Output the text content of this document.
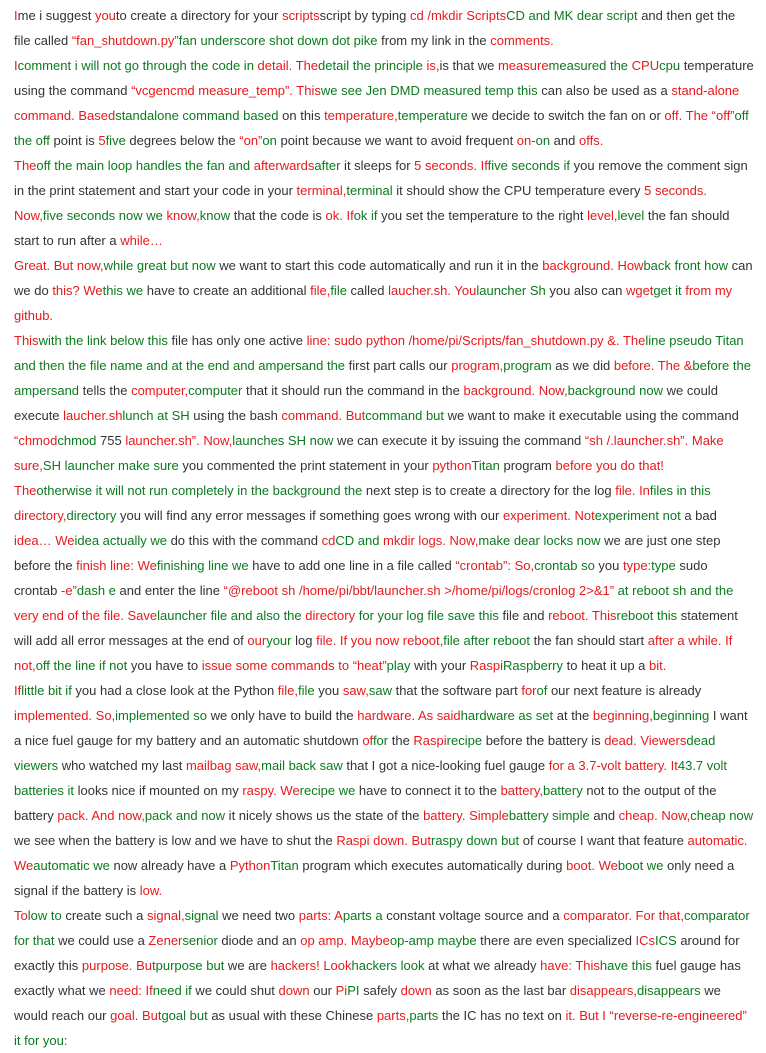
Ime i suggest youto create a directory for your scriptsscript by typing cd /mkdir ScriptsCD and MK dear script and then get the file called “fan_shutdown.py”fan underscore shot down dot pike from my link in the comments.

Icomment i will not go through the code in detail. Thedetail the principle is,is that we measuremeasured the CPUcpu temperature using the command “vcgencmd measure_temp”. Thiswe see Jen DMD measured temp this can also be used as a stand-alone command. Basedstandalone command based on this temperature,temperature we decide to switch the fan on or off. The “off”off the off point is 5five degrees below the “on”on point because we want to avoid frequent on-on and offs.

Theoff the main loop handles the fan and afterwardsafter it sleeps for 5 seconds. Iffive seconds if you remove the comment sign in the print statement and start your code in your terminal,terminal it should show the CPU temperature every 5 seconds.

Now,five seconds now we know,know that the code is ok. Ifok if you set the temperature to the right level,level the fan should start to run after a while…

Great. But now,while great but now we want to start this code automatically and run it in the background. Howback front how can we do this? Wethis we have to create an additional file,file called laucher.sh. Youlauncher Sh you also can wgetget it from my github.

Thiswith the link below this file has only one active line: sudo python /home/pi/Scripts/fan_shutdown.py &. Theline pseudo Titan and then the file name and at the end and ampersand the first part calls our program,program as we did before. The &before the ampersand tells the computer,computer that it should run the command in the background. Now,background now we could execute laucher.shlunch at SH using the bash command. Butcommand but we want to make it executable using the command “chmodchmod 755 launcher.sh”. Now,launches SH now we can execute it by issuing the command “sh /.launcher.sh”. Make sure,SH launcher make sure you commented the print statement in your pythonTitan program before you do that!

Theotherwise it will not run completely in the background the next step is to create a directory for the log file. Infiles in this directory,directory you will find any error messages if something goes wrong with our experiment. Notexperiment not a bad idea… Weidea actually we do this with the command cdCD and mkdir logs. Now,make dear locks now we are just one step before the finish line: Wefinishing line we have to add one line in a file called “crontab”: So,crontab so you type:type sudo crontab -e”dash e and enter the line “@reboot sh /home/pi/bbt/launcher.sh >/home/pi/logs/cronlog 2>&1” at reboot sh and the very end of the file. Savelauncher file and also the directory for your log file save this file and reboot. Thisreboot this statement will add all error messages at the end of ouryour log file. If you now reboot,file after reboot the fan should start after a while. If not,off the line if not you have to issue some commands to “heat”play with your RaspiRaspberry to heat it up a bit.

Iflittle bit if you had a close look at the Python file,file you saw,saw that the software part forof our next feature is already implemented. So,implemented so we only have to build the hardware. As saidhardware as set at the beginning,beginning I want a nice fuel gauge for my battery and an automatic shutdown offor the Raspirecipe before the battery is dead. Viewersdead viewers who watched my last mailbag saw,mail back saw that I got a nice-looking fuel gauge for a 3.7-volt battery. It43.7 volt batteries it looks nice if mounted on my raspy. Werecipe we have to connect it to the battery,battery not to the output of the battery pack. And now,pack and now it nicely shows us the state of the battery. Simplebattery simple and cheap. Now,cheap now we see when the battery is low and we have to shut the Raspi down. Butraspy down but of course I want that feature automatic. Weautomatic we now already have a PythonTitan program which executes automatically during boot. Weboot we only need a signal if the battery is low.

Tolow to create such a signal,signal we need two parts: Aparts a constant voltage source and a comparator. For that,comparator for that we could use a Zenersenior diode and an op amp. Maybeop-amp maybe there are even specialized ICsICS around for exactly this purpose. Butpurpose but we are hackers! Lookhackers look at what we already have: Thishave this fuel gauge has exactly what we need: Ifneed if we could shut down our PiPI safely down as soon as the last bar disappears,disappears we would reach our goal. Butgoal but as usual with these Chinese parts,parts the IC has no text on it. But I “reverse-re-engineered” it for you:
